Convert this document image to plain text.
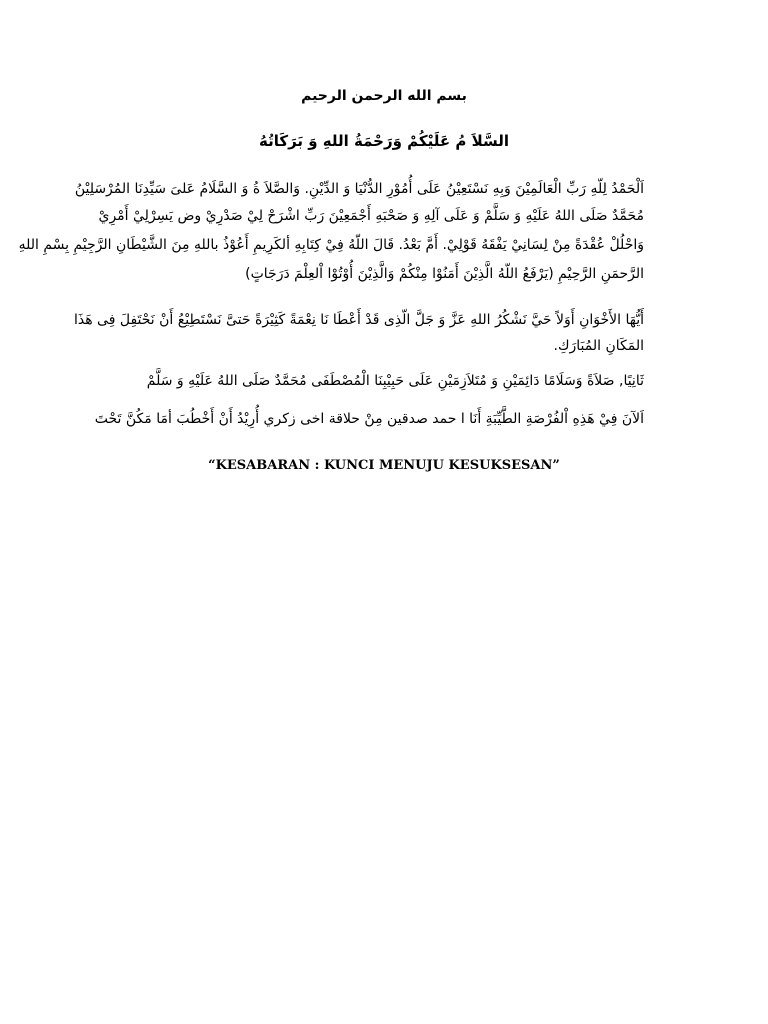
بسم الله الرحمن الرحيم
السَّلاَ مُ عَلَيْكُمْ وَرَحْمَةُ اللهِ وَ بَرَكَاتُهُ
اَلْحَمْدُ لِلّهِ رَبِّ الْعَالَمِيْنَ وَبِهِ نَسْتَعِيْنُ عَلَى أُمُوْرِ الدُّنْيَا وَ الدِّيْنِ. وَالصَّلاَ ةُ وَ السَّلَامُ عَلىَ سَيِّدِنَا المُرْسَلِيْنُ
مُحَمَّدٌ صَلَى اللهُ عَلَيْهِ وَ سَلَّمْ وَ عَلَى آلِهِ وَ صَحْبَهِ أَجْمَعِيْنَ رَبِّ اشْرَحْ لِيْ صَدْرِيْ وض يَسِرْلِيْ أَمْرِيْ
وَاحْلُلْ عُقْدَةً مِنْ لِسَانِيْ يَفْقَهُ قَوْلِيْ. أَمَّ بَعْدُ. قَالَ اللّهُ فِيْ كِتَابِهِ ألكَرِيمِ أَعُوْذُ باللهِ مِنَ الشَّيْطَانِ الرَّجِيْمِ بِسْمِ اللهِ
الرَّحمَنِ الرَّحِيْمِ (يَرْفَعُ اللّهُ الَّذِيْنَ أَمَنُوْا مِنْكُمْ وَالَّذِيْنَ أُوْتُوْا اْلعِلْمَ دَرَجَاتٍ)
أَيُّهَا الأَخْوَانِ أَوَلاً حَيَّ نَشْكُرُ اللهِ عَزَّ وَ جَلَّ الّذِى قَدْ أَعْطَا نَا نِعْمَةً كَثِيْرَةً حَتىَّ نَسْتَطِيْعُ أَنْ نَحْتَفِلَ فِى هَذَا
المَكَانِ المُبَارَكِ.
ثَانِيًا, صَلاَةً وَسَلَامًا دَائِمَيْنِ وَ مُتَلاَزِمَيْنِ عَلَى حَبِيْبِنَا الْمُصْطَفَى مُحَمَّدٌ صَلَى اللهُ عَلَيْهِ وَ سَلَّمْ
اَلآنَ فِيْ هَذِهِ اْلفُرْصَةِ الطَّيِّبَةِ أَنَا ا حمد صدقين مِنْ حلاقة اخى زكري أُرِيْدُ أَنْ أَخْطُبَ أمَا مَكُنَّ تَحْتَ
“KESABARAN : KUNCI MENUJU KESUKSESAN”
